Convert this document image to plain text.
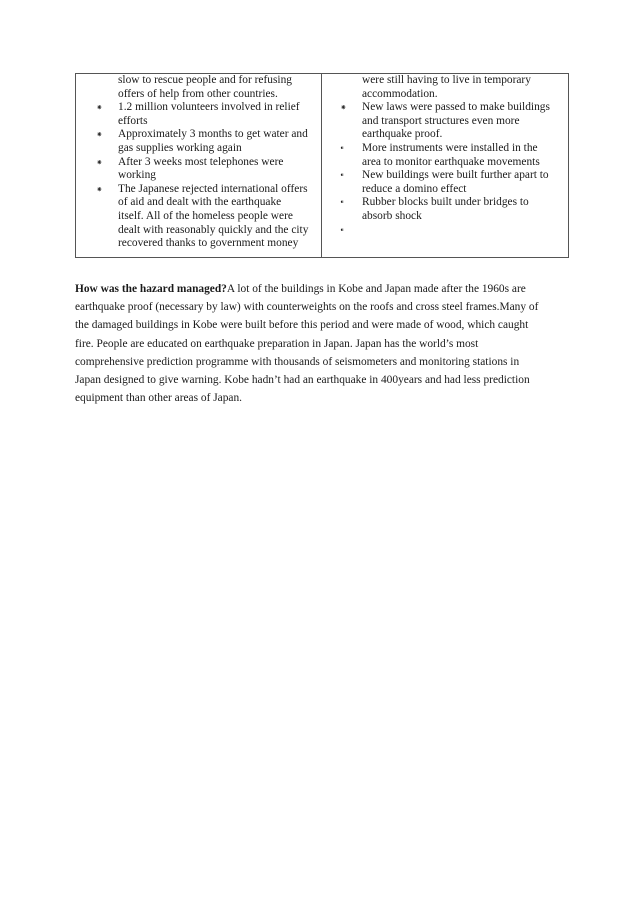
slow to rescue people and for refusing
offers of help from other countries.
⁕ 1.2 million volunteers involved in relief
efforts
⁕ Approximately 3 months to get water and
gas supplies working again
⁕ After 3 weeks most telephones were
working
⁕ The Japanese rejected international offers
of aid and dealt with the earthquake
itself. All of the homeless people were
dealt with reasonably quickly and the city
recovered thanks to government money

were still having to live in temporary
accommodation.
⁕ New laws were passed to make buildings
and transport structures even more
earthquake proof.
⁌ More instruments were installed in the
area to monitor earthquake movements
⁌ New buildings were built further apart to
reduce a domino effect
⁌ Rubber blocks built under bridges to
absorb shock
⁌
How was the hazard managed?A lot of the buildings in Kobe and Japan made after the 1960s are
earthquake proof (necessary by law) with counterweights on the roofs and cross steel frames.Many of
the damaged buildings in Kobe were built before this period and were made of wood, which caught
fire. People are educated on earthquake preparation in Japan. Japan has the world’s most
comprehensive prediction programme with thousands of seismometers and monitoring stations in
Japan designed to give warning. Kobe hadn’t had an earthquake in 400years and had less prediction
equipment than other areas of Japan.
